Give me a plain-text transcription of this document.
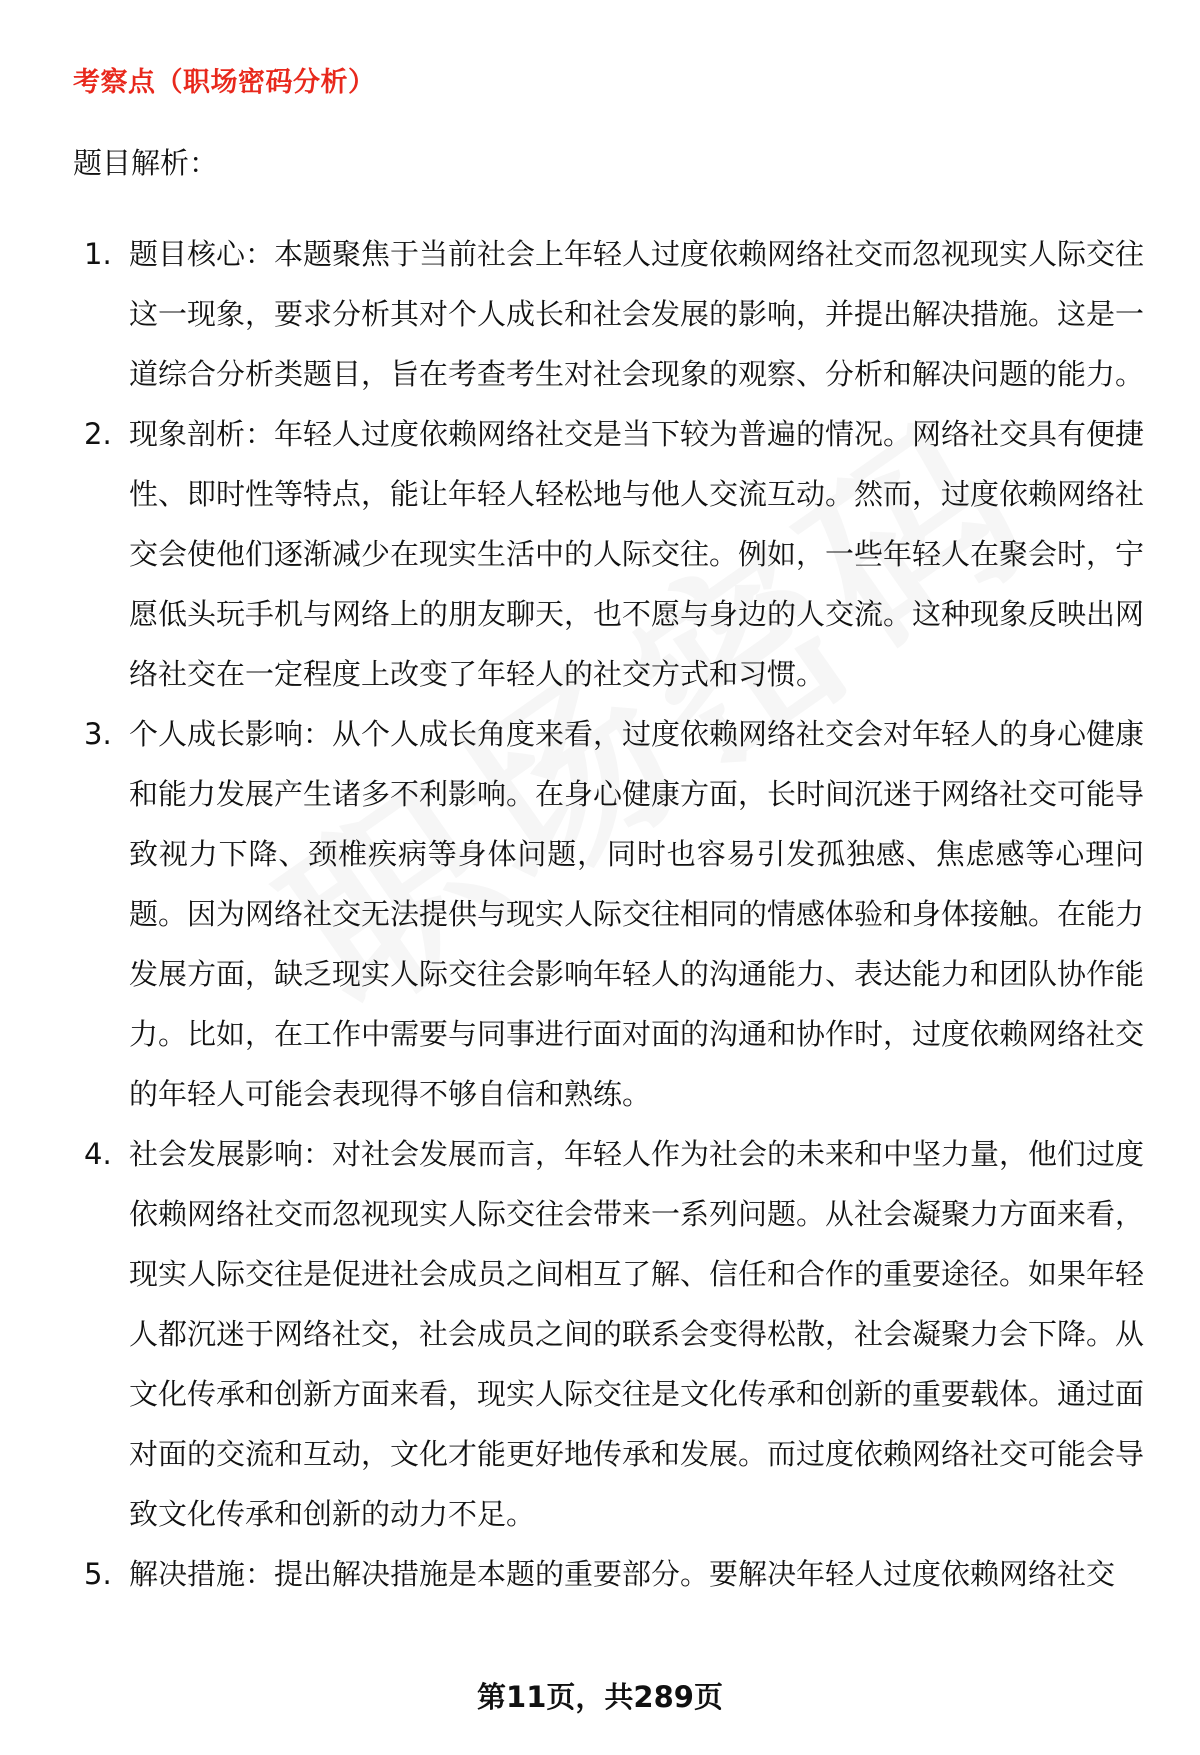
考察点（职场密码分析）
题目解析：
1. 题目核心：本题聚焦于当前社会上年轻人过度依赖网络社交而忽视现实人际交往这一现象，要求分析其对个人成长和社会发展的影响，并提出解决措施。这是一道综合分析类题目，旨在考查考生对社会现象的观察、分析和解决问题的能力。
2. 现象剖析：年轻人过度依赖网络社交是当下较为普遍的情况。网络社交具有便捷性、即时性等特点，能让年轻人轻松地与他人交流互动。然而，过度依赖网络社交会使他们逐渐减少在现实生活中的人际交往。例如，一些年轻人在聚会时，宁愿低头玩手机与网络上的朋友聊天，也不愿与身边的人交流。这种现象反映出网络社交在一定程度上改变了年轻人的社交方式和习惯。
3. 个人成长影响：从个人成长角度来看，过度依赖网络社交会对年轻人的身心健康和能力发展产生诸多不利影响。在身心健康方面，长时间沉迷于网络社交可能导致视力下降、颈椎疾病等身体问题，同时也容易引发孤独感、焦虑感等心理问题。因为网络社交无法提供与现实人际交往相同的情感体验和身体接触。在能力发展方面，缺乏现实人际交往会影响年轻人的沟通能力、表达能力和团队协作能力。比如，在工作中需要与同事进行面对面的沟通和协作时，过度依赖网络社交的年轻人可能会表现得不够自信和熟练。
4. 社会发展影响：对社会发展而言，年轻人作为社会的未来和中坚力量，他们过度依赖网络社交而忽视现实人际交往会带来一系列问题。从社会凝聚力方面来看，现实人际交往是促进社会成员之间相互了解、信任和合作的重要途径。如果年轻人都沉迷于网络社交，社会成员之间的联系会变得松散，社会凝聚力会下降。从文化传承和创新方面来看，现实人际交往是文化传承和创新的重要载体。通过面对面的交流和互动，文化才能更好地传承和发展。而过度依赖网络社交可能会导致文化传承和创新的动力不足。
5. 解决措施：提出解决措施是本题的重要部分。要解决年轻人过度依赖网络社交
第11页，共289页
